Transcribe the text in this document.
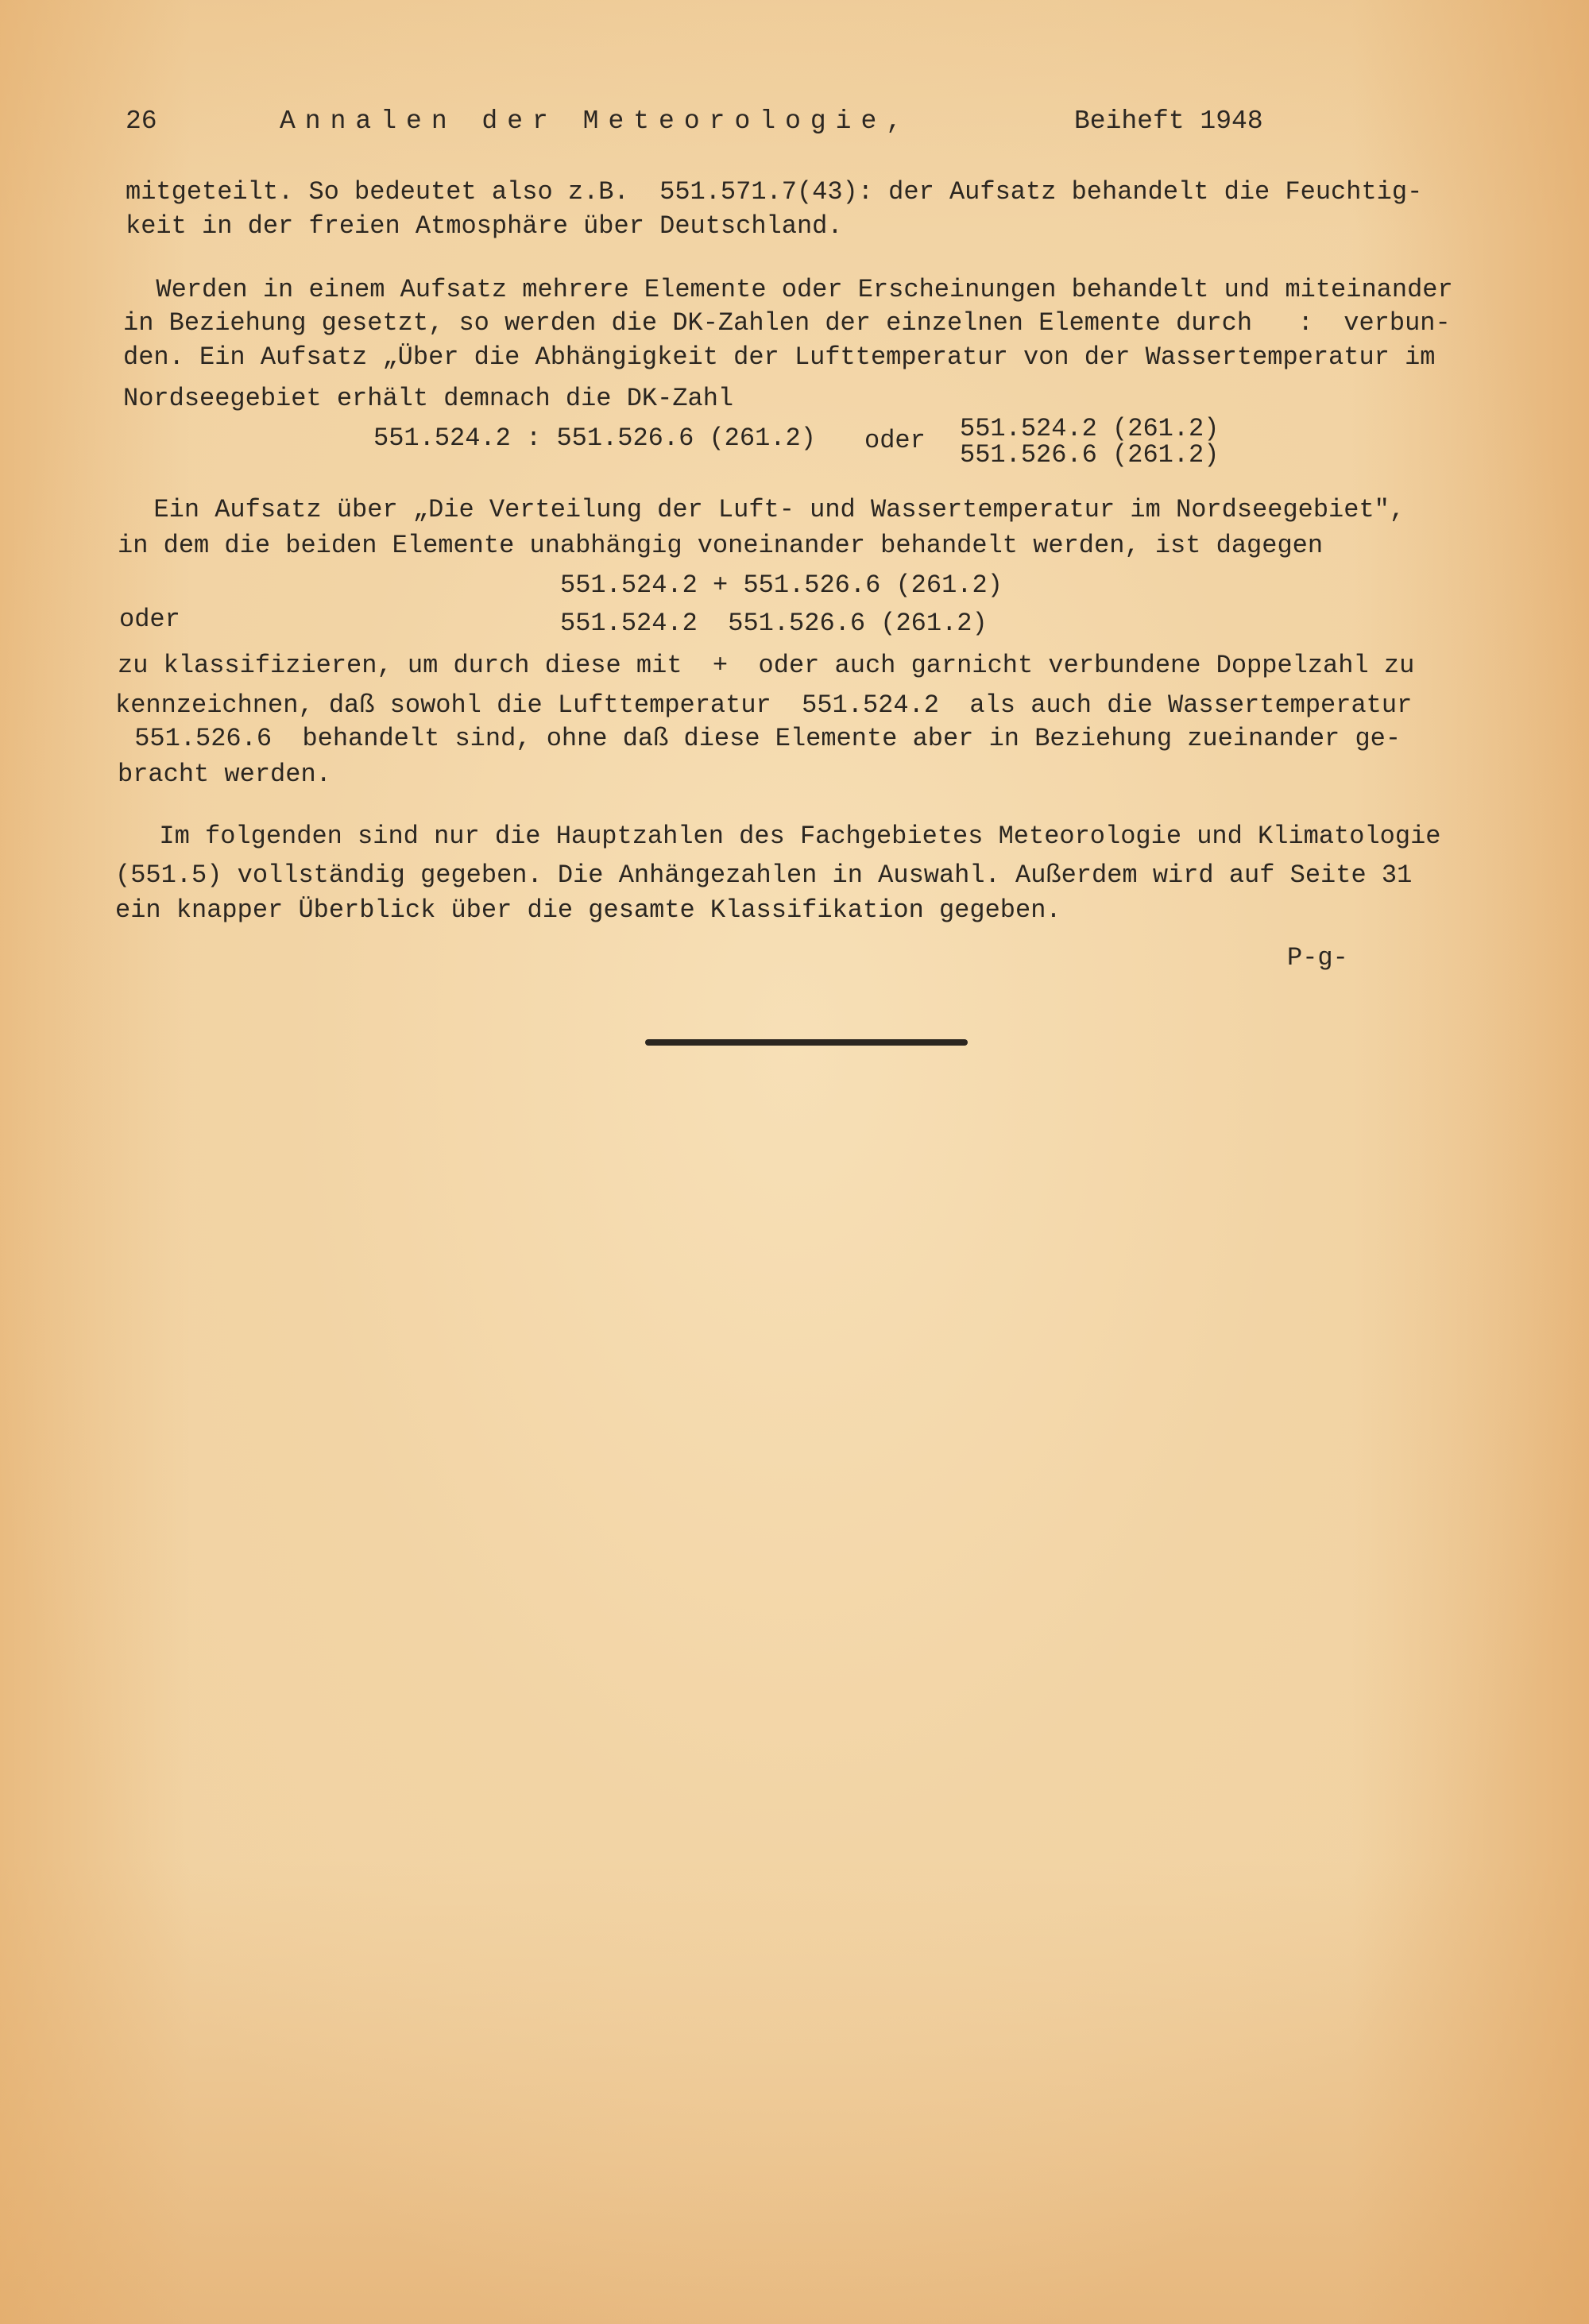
26	Annalen der Meteorologie,	Beiheft 1948
mitgeteilt. So bedeutet also z.B.  551.571.7(43): der Aufsatz behandelt die Feuchtig-
keit in der freien Atmosphäre über Deutschland.
Werden in einem Aufsatz mehrere Elemente oder Erscheinungen behandelt und miteinander
in Beziehung gesetzt, so werden die DK-Zahlen der einzelnen Elemente durch   :  verbun-
den. Ein Aufsatz „Über die Abhängigkeit der Lufttemperatur von der Wassertemperatur im
Nordseegebiet erhält demnach die DK-Zahl
551.524.2 : 551.526.6 (261.2) oder 551.524.2 (261.2)
551.526.6 (261.2)
Ein Aufsatz über „Die Verteilung der Luft- und Wassertemperatur im Nordseegebiet",
in dem die beiden Elemente unabhängig voneinander behandelt werden, ist dagegen
551.524.2 + 551.526.6 (261.2)
oder	551.524.2  551.526.6 (261.2)
zu klassifizieren, um durch diese mit  +  oder auch garnicht verbundene Doppelzahl zu
kennzeichnen, daß sowohl die Lufttemperatur  551.524.2  als auch die Wassertemperatur
551.526.6  behandelt sind, ohne daß diese Elemente aber in Beziehung zueinander ge-
bracht werden.
Im folgenden sind nur die Hauptzahlen des Fachgebietes Meteorologie und Klimatologie
(551.5) vollständig gegeben. Die Anhängezahlen in Auswahl. Außerdem wird auf Seite 31
ein knapper Überblick über die gesamte Klassifikation gegeben.
P-g-
